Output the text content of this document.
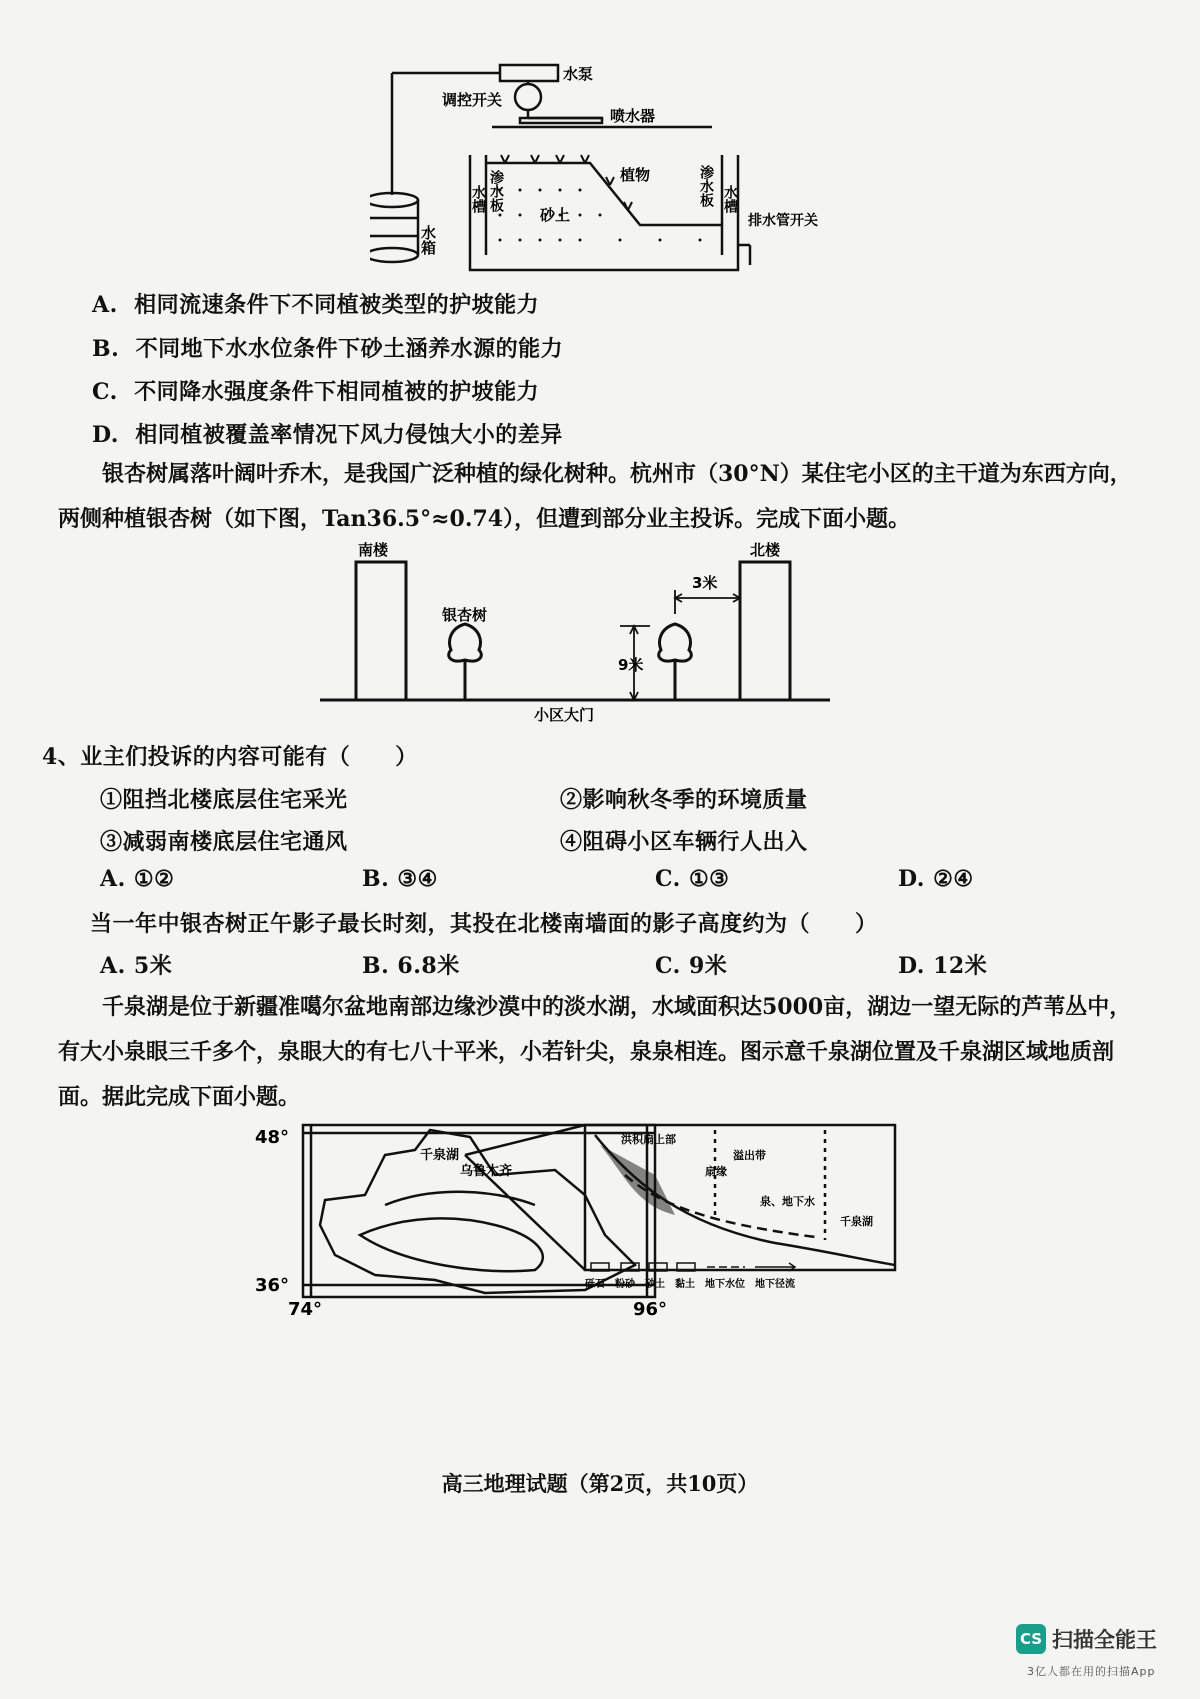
水泵
调控开关
喷水器
植物
水箱
水槽 渗水板
砂上
渗水板 水槽
排水管开关
A. 相同流速条件下不同植被类型的护坡能力
B. 不同地下水水位条件下砂土涵养水源的能力
C. 不同降水强度条件下相同植被的护坡能力
D. 相同植被覆盖率情况下风力侵蚀大小的差异
银杏树属落叶阔叶乔木，是我国广泛种植的绿化树种。杭州市（30°N）某住宅小区的主干道为东西方向，两侧种植银杏树（如下图，Tan36.5°≈0.74），但遭到部分业主投诉。完成下面小题。
南楼	北楼
银杏树
3米
9米
小区大门
4、业主们投诉的内容可能有（　　）
①阻挡北楼底层住宅采光	②影响秋冬季的环境质量
③减弱南楼底层住宅通风	④阻碍小区车辆行人出入
A. ①②	B. ③④	C. ①③	D. ②④
当一年中银杏树正午影子最长时刻，其投在北楼南墙面的影子高度约为（　　）
A. 5米	B. 6.8米	C. 9米	D. 12米
千泉湖是位于新疆准噶尔盆地南部边缘沙漠中的淡水湖，水域面积达5000亩，湖边一望无际的芦苇丛中，有大小泉眼三千多个，泉眼大的有七八十平米，小若针尖，泉泉相连。图示意千泉湖位置及千泉湖区域地质剖面。据此完成下面小题。
48°
36°
74°	96°
千泉湖
乌鲁木齐
洪积扇上部
溢出带
扇缘
泉、地下水
千泉湖
砾石 粉砂 砂土 黏土 地下水位 地下径流
高三地理试题（第2页，共10页）
CS 扫描全能王
3亿人都在用的扫描App
